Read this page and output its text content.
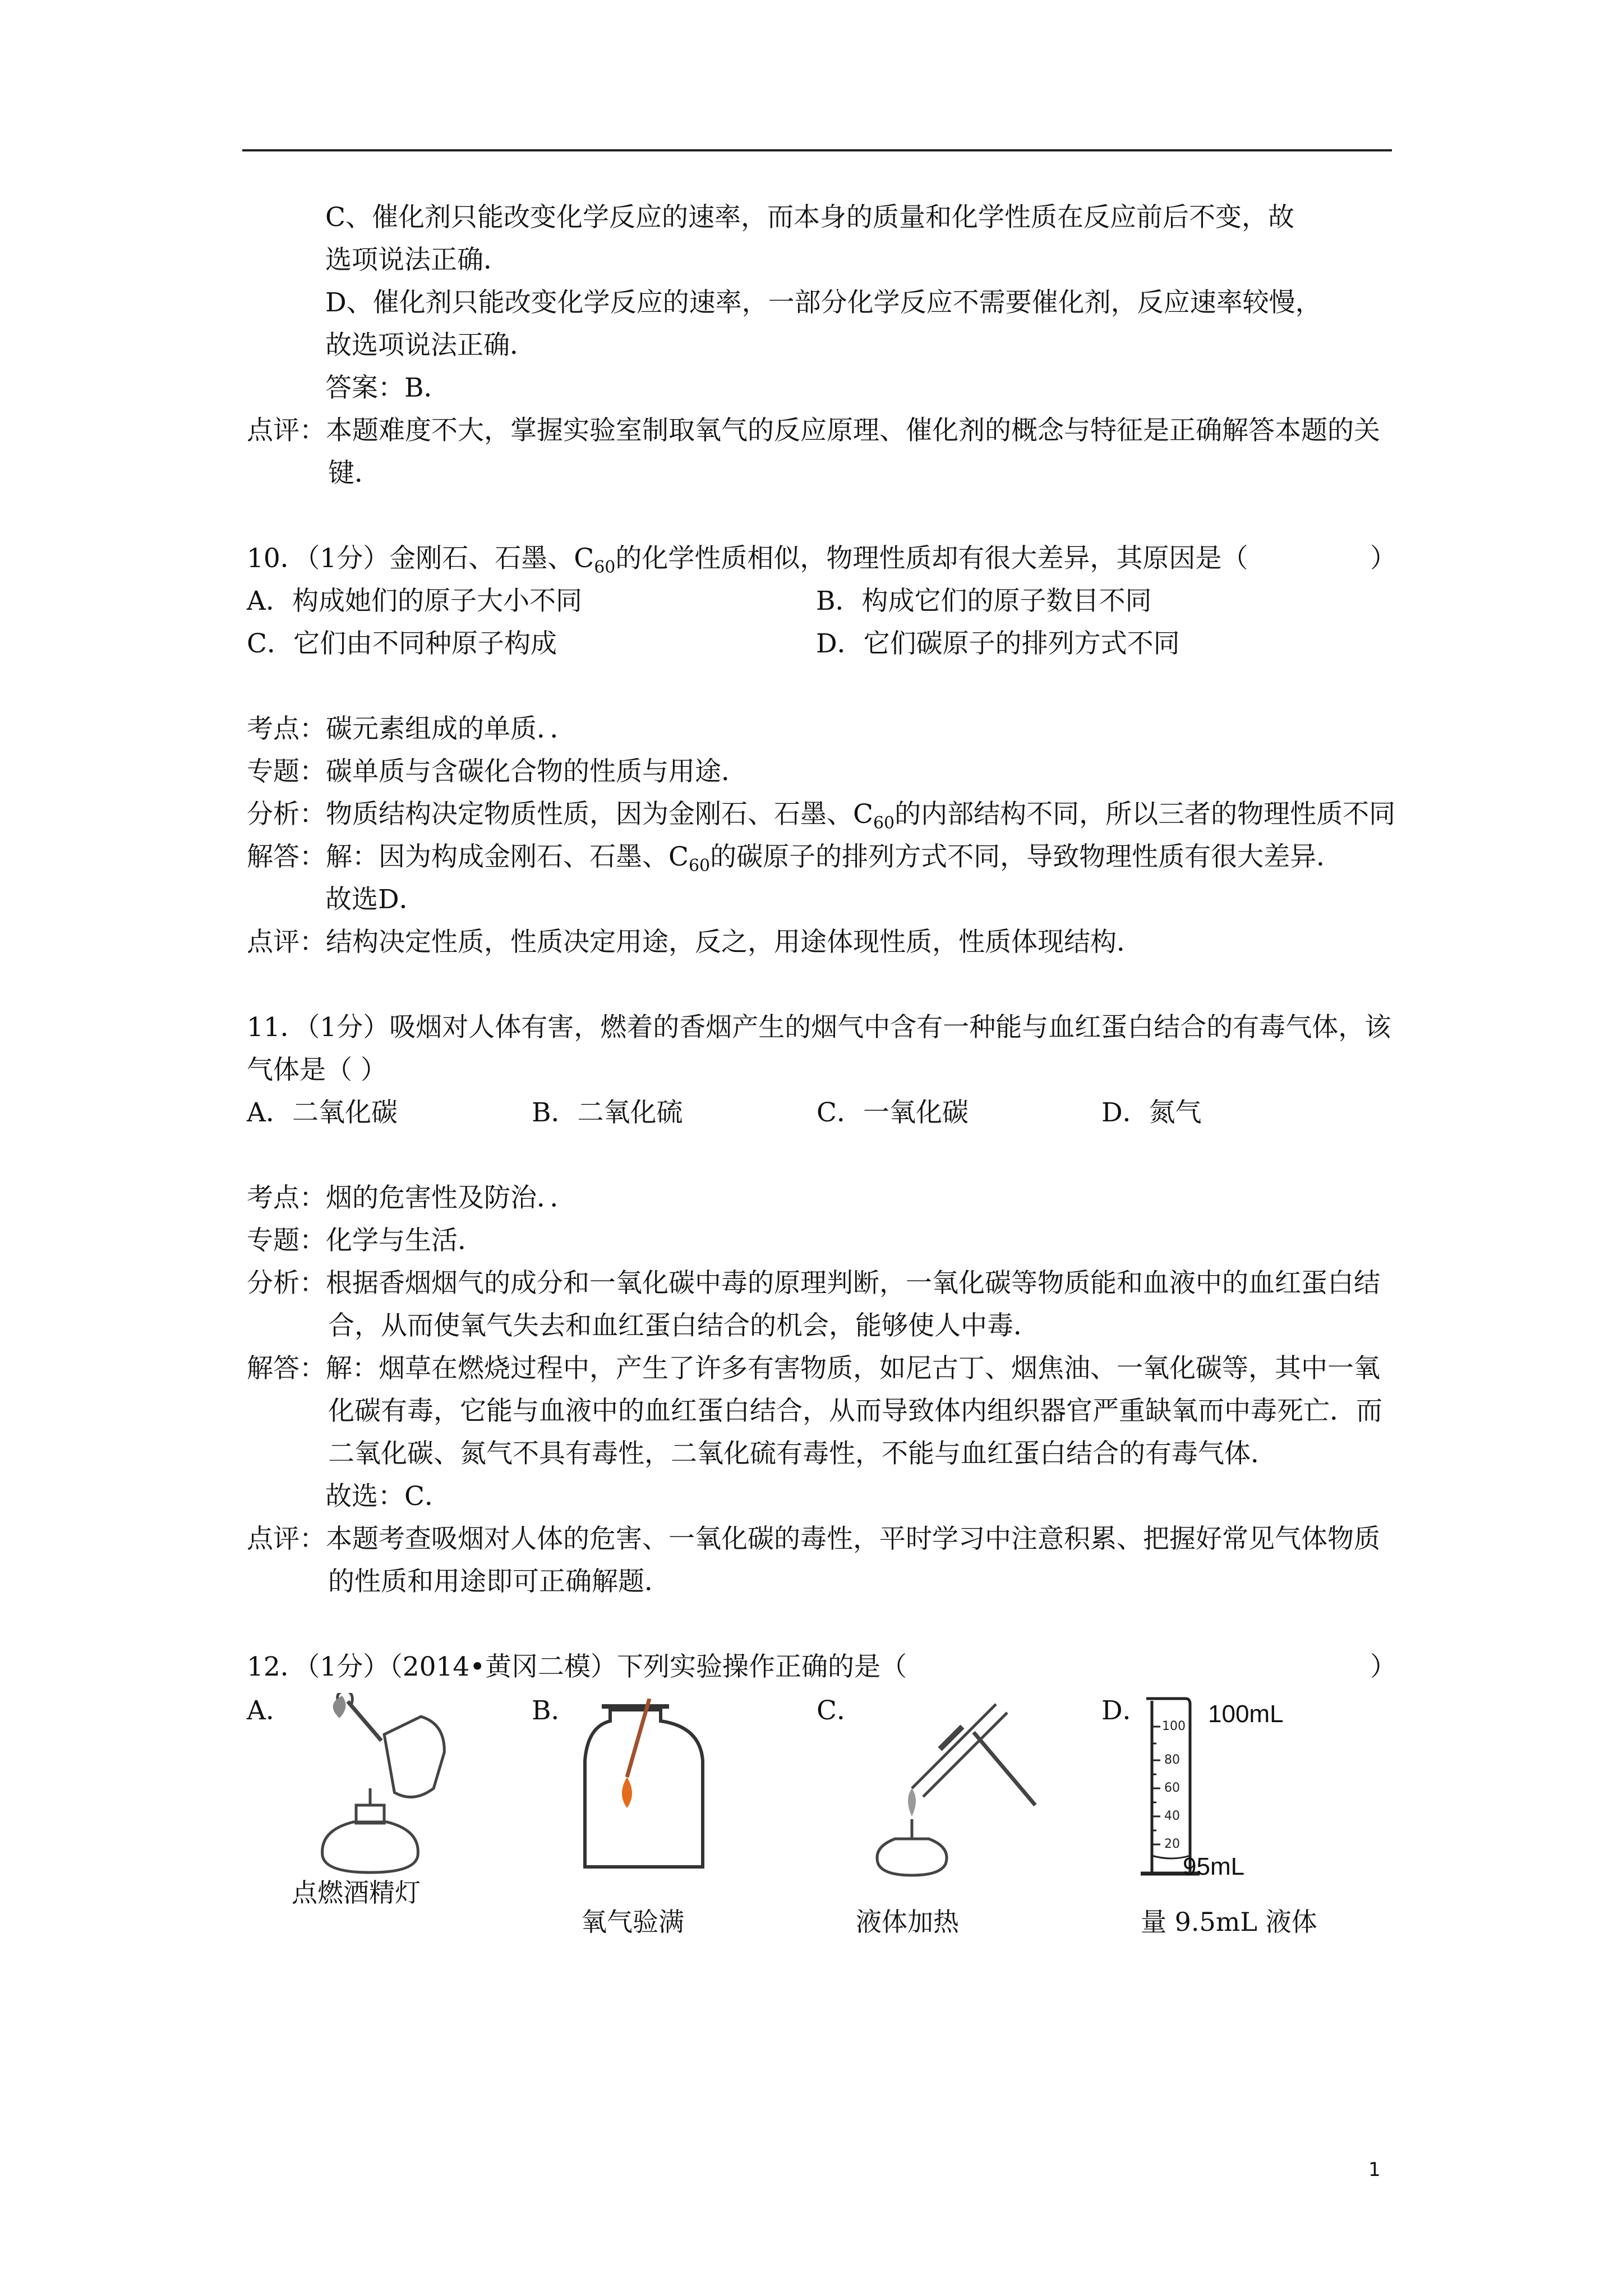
C、催化剂只能改变化学反应的速率，而本身的质量和化学性质在反应前后不变，故
选项说法正确．

D、催化剂只能改变化学反应的速率，一部分化学反应不需要催化剂，反应速率较慢，
故选项说法正确．

答案：B．

点评：本题难度不大，掌握实验室制取氧气的反应原理、催化剂的概念与特征是正确解答本题的关键．

10．（1分）金刚石、石墨、$C_{60}$的化学性质相似，物理性质却有很大差异，其原因是（	）
A．构成她们的原子大小不同	B．构成它们的原子数目不同
C．它们由不同种原子构成	D．它们碳原子的排列方式不同

考点：碳元素组成的单质．．

专题：碳单质与含碳化合物的性质与用途．

分析：物质结构决定物质性质，因为金刚石、石墨、$C_{60}$的内部结构不同，所以三者的物理性质不同

解答：解：因为构成金刚石、石墨、$C_{60}$的碳原子的排列方式不同，导致物理性质有很大差异．

故选D．

点评：结构决定性质，性质决定用途，反之，用途体现性质，性质体现结构．

11．（1分）吸烟对人体有害，燃着的香烟产生的烟气中含有一种能与血红蛋白结合的有毒气体，该气体是（ ）

A．二氧化碳	B．二氧化硫	C．一氧化碳	D．氮气

考点：烟的危害性及防治．．

专题：化学与生活．

分析：根据香烟烟气的成分和一氧化碳中毒的原理判断，一氧化碳等物质能和血液中的血红蛋白结合，从而使氧气失去和血红蛋白结合的机会，能够使人中毒．

解答：解：烟草在燃烧过程中，产生了许多有害物质，如尼古丁、烟焦油、一氧化碳等，其中一氧化碳有毒，它能与血液中的血红蛋白结合，从而导致体内组织器官严重缺氧而中毒死亡．而二氧化碳、氮气不具有毒性，二氧化硫有毒性，不能与血红蛋白结合的有毒气体．

故选：C．

点评：本题考查吸烟对人体的危害、一氧化碳的毒性，平时学习中注意积累、把握好常见气体物质的性质和用途即可正确解题．

12．（1分）（2014•黄冈二模）下列实验操作正确的是（	）
A．
点燃酒精灯
B．
氧气验满
C．
液体加热
D．
100
80
60
40
20
100mL
95mL
量 9.5mL 液体
1
